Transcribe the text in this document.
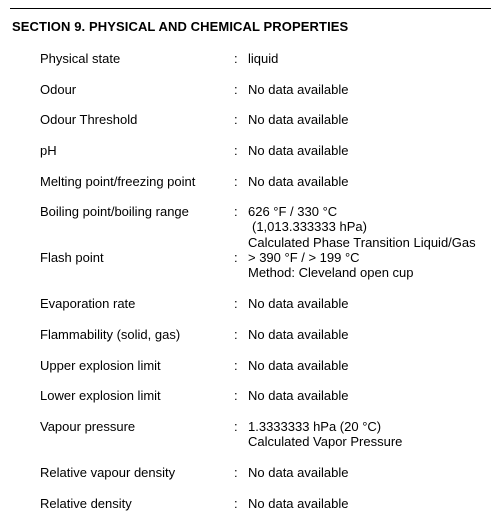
SECTION 9. PHYSICAL AND CHEMICAL PROPERTIES
Physical state	: liquid
Odour	: No data available
Odour Threshold	: No data available
pH	: No data available
Melting point/freezing point	: No data available
Boiling point/boiling range	: 626 °F / 330 °C
(1,013.333333 hPa)
Flash point	:
Calculated Phase Transition Liquid/Gas
> 390 °F / > 199 °C
Method: Cleveland open cup
Evaporation rate	: No data available
Flammability (solid, gas)	: No data available
Upper explosion limit	: No data available
Lower explosion limit	: No data available
Vapour pressure	: 1.3333333 hPa (20 °C)
Calculated Vapor Pressure
Relative vapour density	: No data available
Relative density	: No data available
